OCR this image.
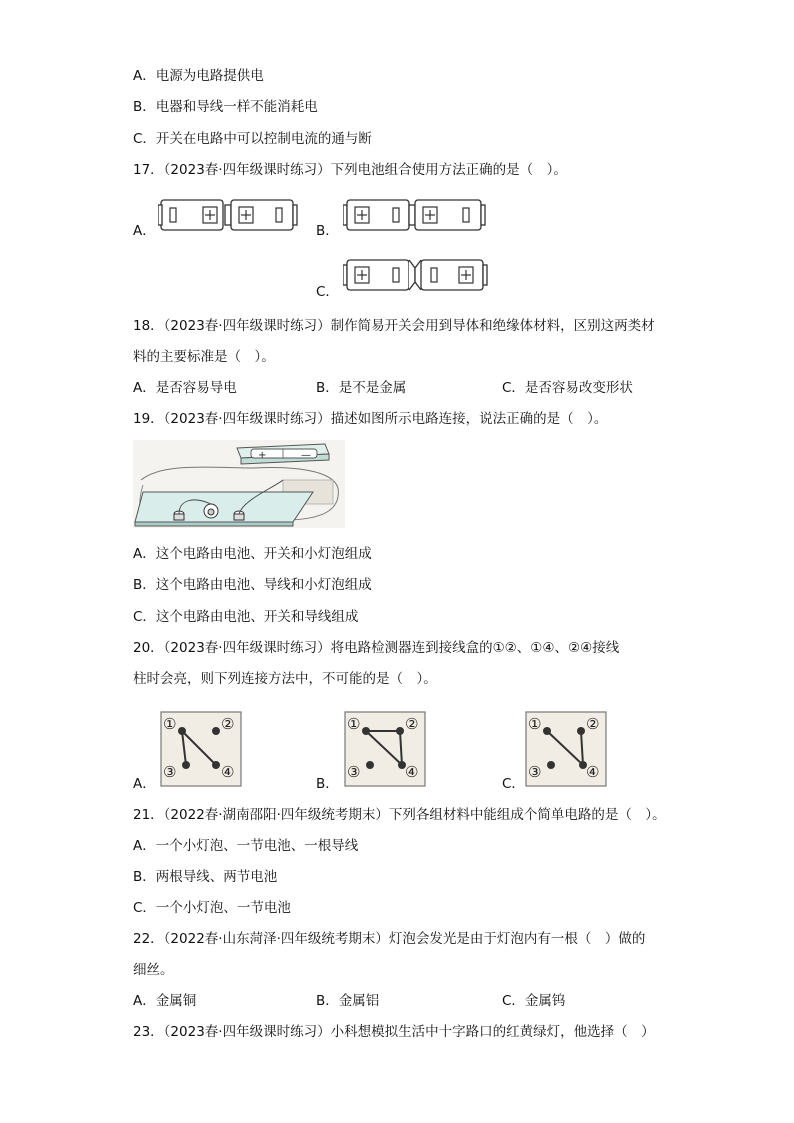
A．电源为电路提供电
B．电器和导线一样不能消耗电
C．开关在电路中可以控制电流的通与断
17．（2023春·四年级课时练习）下列电池组合使用方法正确的是（　）。
A．	B．
C．
18．（2023春·四年级课时练习）制作简易开关会用到导体和绝缘体材料，区别这两类材
料的主要标准是（　）。
A．是否容易导电	B．是不是金属	C．是否容易改变形状
19．（2023春·四年级课时练习）描述如图所示电路连接，说法正确的是（　）。
+	—
A．这个电路由电池、开关和小灯泡组成
B．这个电路由电池、导线和小灯泡组成
C．这个电路由电池、开关和导线组成
20．（2023春·四年级课时练习）将电路检测器连到接线盒的①②、①④、②④接线
柱时会亮，则下列连接方法中，不可能的是（　）。
A．
①	②
③	④
B．
①	②
③	④
C．
①	②
③	④
21．（2022春·湖南邵阳·四年级统考期末）下列各组材料中能组成个简单电路的是（　）。
A．一个小灯泡、一节电池、一根导线
B．两根导线、两节电池
C．一个小灯泡、一节电池
22．（2022春·山东菏泽·四年级统考期末）灯泡会发光是由于灯泡内有一根（　）做的
细丝。
A．金属铜	B．金属铝	C．金属钨
23．（2023春·四年级课时练习）小科想模拟生活中十字路口的红黄绿灯，他选择（　）
